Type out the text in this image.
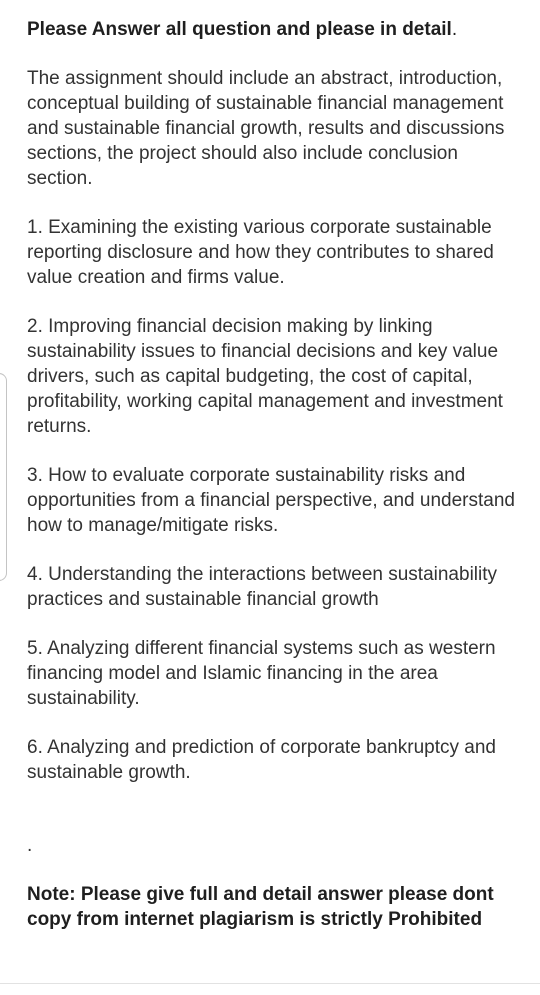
Please Answer all question and please in detail.

The assignment should include an abstract, introduction, conceptual building of sustainable financial management and sustainable financial growth, results and discussions sections, the project should also include conclusion section.

1. Examining the existing various corporate sustainable reporting disclosure and how they contributes to shared value creation and firms value.

2. Improving financial decision making by linking sustainability issues to financial decisions and key value drivers, such as capital budgeting, the cost of capital, profitability, working capital management and investment returns.

3. How to evaluate corporate sustainability risks and opportunities from a financial perspective, and understand how to manage/mitigate risks.

4. Understanding the interactions between sustainability practices and sustainable financial growth

5. Analyzing different financial systems such as western financing model and Islamic financing in the area sustainability.

6. Analyzing and prediction of corporate bankruptcy and sustainable growth.

.

Note: Please give full and detail answer please dont copy from internet plagiarism is strictly Prohibited
